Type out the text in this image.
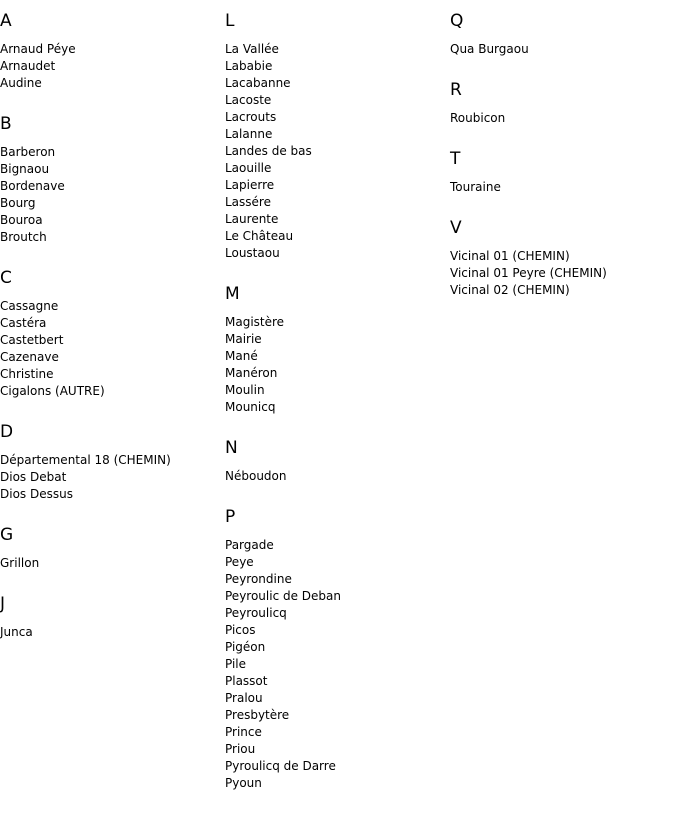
A
Arnaud Péye
Arnaudet
Audine
B
Barberon
Bignaou
Bordenave
Bourg
Bouroa
Broutch
C
Cassagne
Castéra
Castetbert
Cazenave
Christine
Cigalons (AUTRE)
D
Départemental 18 (CHEMIN)
Dios Debat
Dios Dessus
G
Grillon
J
Junca
L
La Vallée
Lababie
Lacabanne
Lacoste
Lacrouts
Lalanne
Landes de bas
Laouille
Lapierre
Lassére
Laurente
Le Château
Loustaou
M
Magistère
Mairie
Mané
Manéron
Moulin
Mounicq
N
Néboudon
P
Pargade
Peye
Peyrondine
Peyroulic de Deban
Peyroulicq
Picos
Pigéon
Pile
Plassot
Pralou
Presbytère
Prince
Priou
Pyroulicq de Darre
Pyoun
Q
Qua Burgaou
R
Roubicon
T
Touraine
V
Vicinal 01 (CHEMIN)
Vicinal 01 Peyre (CHEMIN)
Vicinal 02 (CHEMIN)
